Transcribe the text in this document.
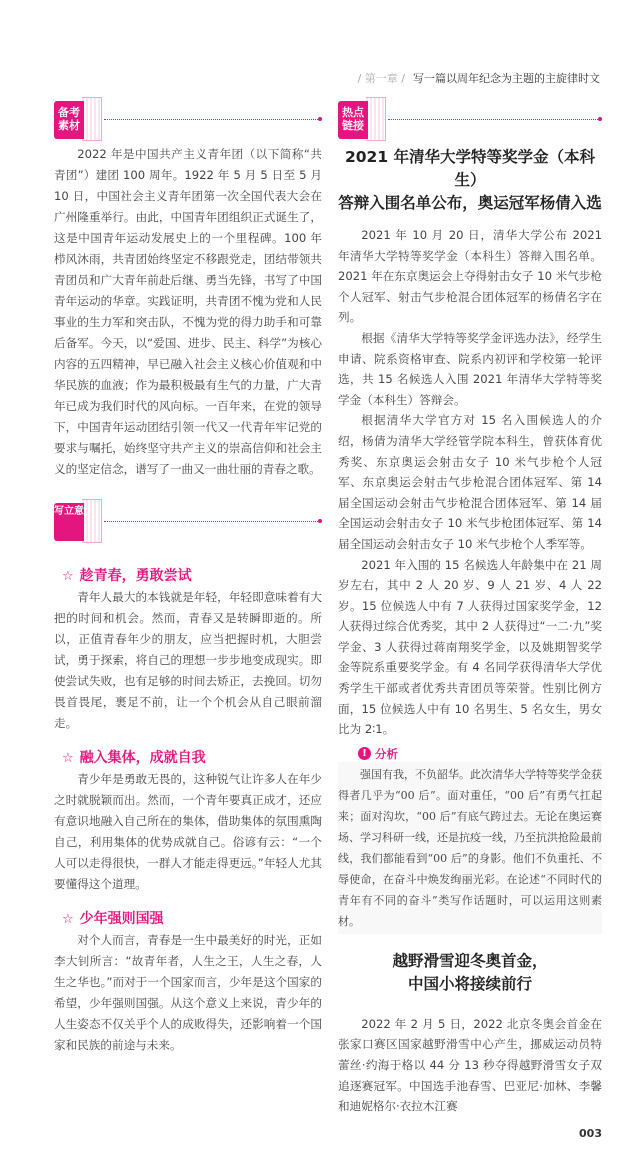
/ 第一章 / 写一篇以周年纪念为主题的主旋律时文
备考素材

2022 年是中国共产主义青年团（以下简称“共青团”）建团 100 周年。1922 年 5 月 5 日至 5 月 10 日，中国社会主义青年团第一次全国代表大会在广州隆重举行。由此，中国青年团组织正式诞生了，这是中国青年运动发展史上的一个里程碑。100 年栉风沐雨，共青团始终坚定不移跟党走，团结带领共青团员和广大青年前赴后继、勇当先锋，书写了中国青年运动的华章。实践证明，共青团不愧为党和人民事业的生力军和突击队，不愧为党的得力助手和可靠后备军。今天，以“爱国、进步、民主、科学”为核心内容的五四精神，早已融入社会主义核心价值观和中华民族的血液；作为最积极最有生气的力量，广大青年已成为我们时代的风向标。一百年来，在党的领导下，中国青年运动团结引领一代又一代青年牢记党的要求与嘱托，始终坚守共产主义的崇高信仰和社会主义的坚定信念，谱写了一曲又一曲壮丽的青春之歌。

写立意
☆ 趁青春，勇敢尝试

青年人最大的本钱就是年轻，年轻即意味着有大把的时间和机会。然而，青春又是转瞬即逝的。所以，正值青春年少的朋友，应当把握时机，大胆尝试，勇于探索，将自己的理想一步步地变成现实。即使尝试失败，也有足够的时间去矫正，去挽回。切勿畏首畏尾，裹足不前，让一个个机会从自己眼前溜走。

☆ 融入集体，成就自我

青少年是勇敢无畏的，这种锐气让许多人在年少之时就脱颖而出。然而，一个青年要真正成才，还应有意识地融入自己所在的集体，借助集体的氛围熏陶自己，利用集体的优势成就自己。俗谚有云：“一个人可以走得很快，一群人才能走得更远。”年轻人尤其要懂得这个道理。

☆ 少年强则国强

对个人而言，青春是一生中最美好的时光，正如李大钊所言：“故青年者，人生之王，人生之春，人生之华也。”而对于一个国家而言，少年是这个国家的希望，少年强则国强。从这个意义上来说，青少年的人生姿态不仅关乎个人的成败得失，还影响着一个国家和民族的前途与未来。

热点链接
2021 年清华大学特等奖学金（本科生）
答辩入围名单公布，奥运冠军杨倩入选

2021 年 10 月 20 日，清华大学公布 2021 年清华大学特等奖学金（本科生）答辩入围名单。2021 年在东京奥运会上夺得射击女子 10 米气步枪个人冠军、射击气步枪混合团体冠军的杨倩名字在列。

根据《清华大学特等奖学金评选办法》，经学生申请、院系资格审查、院系内初评和学校第一轮评选，共 15 名候选人入围 2021 年清华大学特等奖学金（本科生）答辩会。

根据清华大学官方对 15 名入围候选人的介绍，杨倩为清华大学经管学院本科生，曾获体育优秀奖、东京奥运会射击女子 10 米气步枪个人冠军、东京奥运会射击气步枪混合团体冠军、第 14 届全国运动会射击气步枪混合团体冠军、第 14 届全国运动会射击女子 10 米气步枪团体冠军、第 14 届全国运动会射击女子 10 米气步枪个人季军等。

2021 年入围的 15 名候选人年龄集中在 21 周岁左右，其中 2 人 20 岁、9 人 21 岁、4 人 22 岁。15 位候选人中有 7 人获得过国家奖学金，12 人获得过综合优秀奖，其中 2 人获得过“一二·九”奖学金、3 人获得过蒋南翔奖学金，以及姚期智奖学金等院系重要奖学金。有 4 名同学获得清华大学优秀学生干部或者优秀共青团员等荣誉。性别比例方面，15 位候选人中有 10 名男生、5 名女生，男女比为 2∶1。

! 分析

强国有我，不负韶华。此次清华大学特等奖学金获得者几乎为“00 后”。面对重任，“00 后”有勇气扛起来；面对沟坎，“00 后”有底气跨过去。无论在奥运赛场、学习科研一线，还是抗疫一线，乃至抗洪抢险最前线，我们都能看到“00 后”的身影。他们不负重托、不辱使命，在奋斗中焕发绚丽光彩。在论述“不同时代的青年有不同的奋斗”类写作话题时，可以运用这则素材。

越野滑雪迎冬奥首金，
中国小将接续前行

2022 年 2 月 5 日，2022 北京冬奥会首金在张家口赛区国家越野滑雪中心产生，挪威运动员特蕾丝·约海于格以 44 分 13 秒夺得越野滑雪女子双追逐赛冠军。中国选手池春雪、巴亚尼·加林、李馨和迪妮格尔·衣拉木江赛

003
